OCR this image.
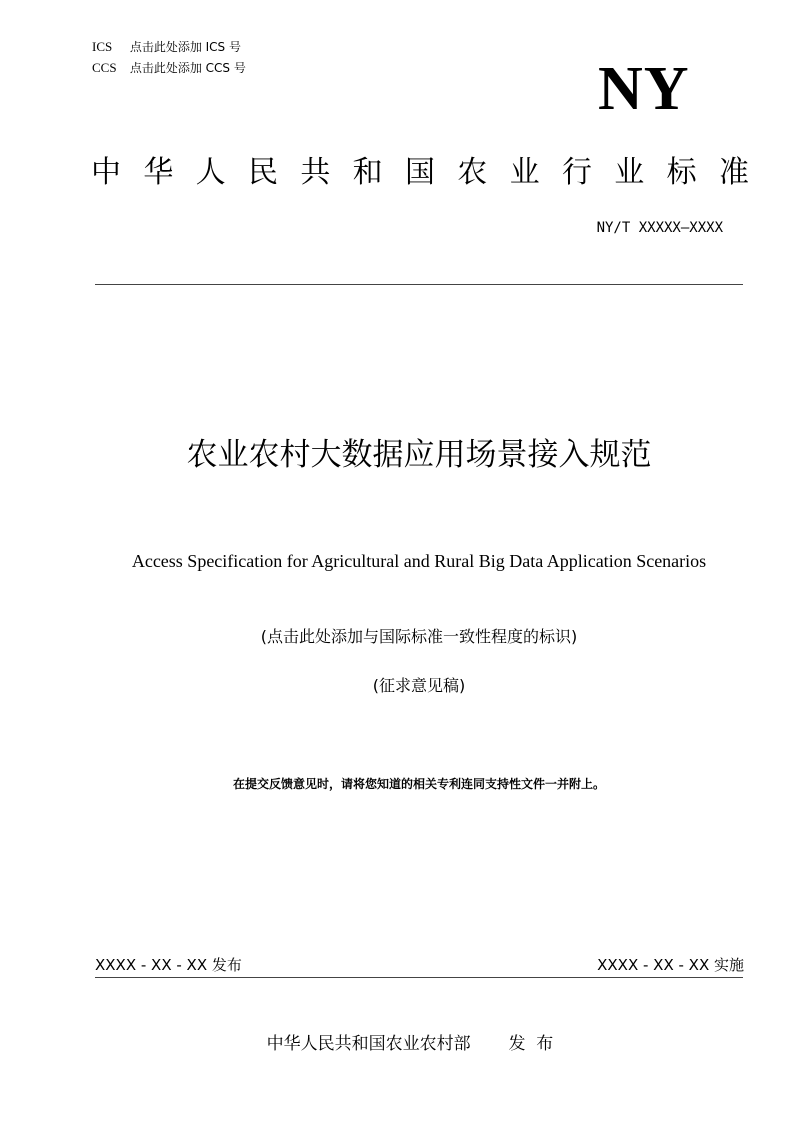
ICS 点击此处添加 ICS 号
CCS 点击此处添加 CCS 号	NY
中 华 人 民 共 和 国 农 业 行 业 标 准
NY/T XXXXX—XXXX
农业农村大数据应用场景接入规范
Access Specification for Agricultural and Rural Big Data Application Scenarios
(点击此处添加与国际标准一致性程度的标识)
(征求意见稿)
在提交反馈意见时，请将您知道的相关专利连同支持性文件一并附上。
XXXX - XX - XX 发布	XXXX - XX - XX 实施
中华人民共和国农业农村部       发  布
